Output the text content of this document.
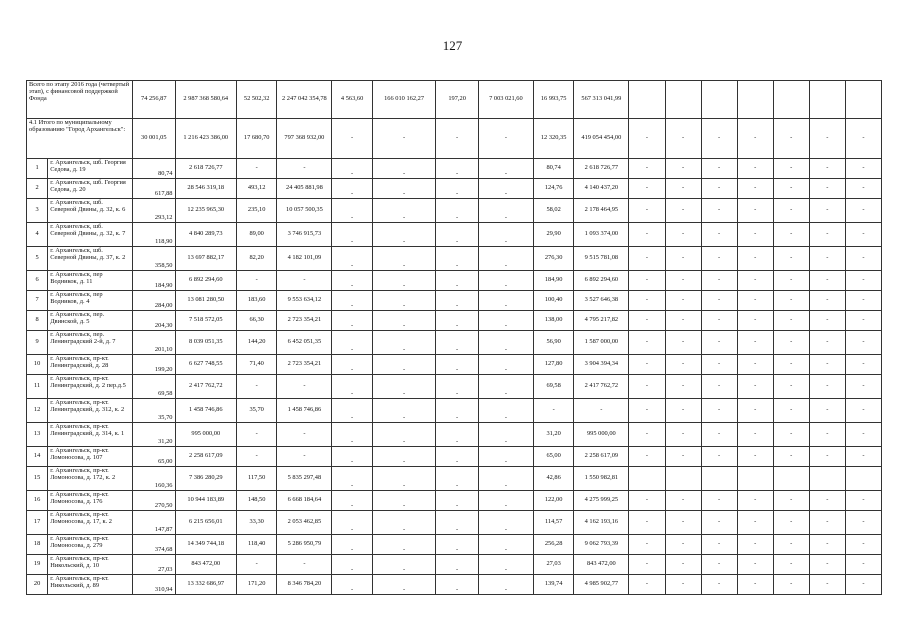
127
Всего по этапу 2016 года (четвертый этап), с финансовой поддержкой Фонда		74 256,87	2 987 368 580,64	52 502,32	2 247 042 354,78	4 563,60	166 010 162,27	197,20	7 003 021,60	16 993,75	567 313 041,99							

4.1 Итого по муниципальному образованию "Город Архангельск":		30 001,05	1 216 423 386,00	17 680,70	797 368 932,00	-	-	-	-	12 320,35	419 054 454,00	-	-	-	-	-	-	-

1	г. Архангельск, шб. Георгия Седова, д. 19	80,74	2 618 726,77	-	-	-	-	-	-	80,74	2 618 726,77	-	-	-	-	-	-	-
2	г. Архангельск, шб. Георгия Седова, д. 20	617,88	28 546 319,18	493,12	24 405 881,98	-	-	-	-	124,76	4 140 437,20	-	-	-	-	-	-	-
3	г. Архангельск, шб. Северной Двины, д. 32, к. 6	293,12	12 235 965,30	235,10	10 057 500,35	-	-	-	-	58,02	2 178 464,95	-	-	-	-	-	-	-
4	г. Архангельск, шб. Северной Двины, д. 32, к. 7	118,90	4 840 289,73	89,00	3 746 915,73	-	-	-	-	29,90	1 093 374,00	-	-	-	-	-	-	-
5	г. Архангельск, шб. Северной Двины, д. 37, к. 2	358,50	13 697 882,17	82,20	4 182 101,09	-	-	-	-	276,30	9 515 781,08	-	-	-	-	-	-	-
6	г. Архангельск, пер Водникок, д. 11	184,90	6 892 294,60	-	-	-	-	-	-	184,90	6 892 294,60	-	-	-	-	-	-	-
7	г. Архангельск, пер Водников, д. 4	284,00	13 081 280,50	183,60	9 553 634,12	-	-	-	-	100,40	3 527 646,38	-	-	-	-	-	-	-
8	г. Архангельск, пер. Двинской, д. 5	204,30	7 518 572,05	66,30	2 723 354,21	-	-	-	-	138,00	4 795 217,82	-	-	-	-	-	-	-
9	г. Архангельск, пер. Ленинградский 2-й, д. 7	201,10	8 039 051,35	144,20	6 452 051,35	-	-	-	-	56,90	1 587 000,00	-	-	-	-	-	-	-
10	г. Архангельск, пр-кт. Ленинградский, д. 28	199,20	6 627 748,55	71,40	2 723 354,21	-	-	-	-	127,80	3 904 394,34	-	-	-	-	-	-	-
11	г. Архангельск, пр-кт. Ленинградский, д. 2 пер.д.5	69,58	2 417 762,72	-	-	-	-	-	-	69,58	2 417 762,72	-	-	-	-	-	-	-
12	г. Архангельск, пр-кт. Ленинградский, д. 312, к. 2	35,70	1 458 746,86	35,70	1 458 746,86	-	-	-	-	-	-	-	-	-	-	-	-	-
13	г. Архангельск, пр-кт. Ленинградский, д. 314, к. 1	31,20	995 000,00	-	-	-	-	-	-	31,20	995 000,00	-	-	-	-	-	-	-
14	г. Архангельск, пр-кт. Ломоносова, д. 107	65,00	2 258 617,09	-	-	-	-	-	-	65,00	2 258 617,09	-	-	-	-	-	-	-
15	г. Архангельск, пр-кт. Ломоносова, д. 172, к. 2	160,36	7 386 280,29	117,50	5 835 297,48	-	-	-	-	42,86	1 550 982,81							
16	г. Архангельск, пр-кт. Ломоносова, д. 176	270,50	10 944 183,89	148,50	6 668 184,64	-	-	-	-	122,00	4 275 999,25	-	-	-	-	-	-	-
17	г. Архангельск, пр-кт. Ломоносова, д. 17, к. 2	147,87	6 215 656,01	33,30	2 053 462,85	-	-	-	-	114,57	4 162 193,16	-	-	-	-	-	-	-
18	г. Архангельск, пр-кт. Ломоносова, д. 279	374,68	14 349 744,18	118,40	5 286 950,79	-	-	-	-	256,28	9 062 793,39	-	-	-	-	-	-	-
19	г. Архангельск, пр-кт. Никольский, д. 10	27,03	843 472,00	-	-	-	-	-	-	27,03	843 472,00	-	-	-	-	-	-	-
20	г. Архангельск, пр-кт. Никольский, д. 89	310,94	13 332 686,97	171,20	8 346 784,20	-	-	-	-	139,74	4 985 902,77	-	-	-	-	-	-	-
